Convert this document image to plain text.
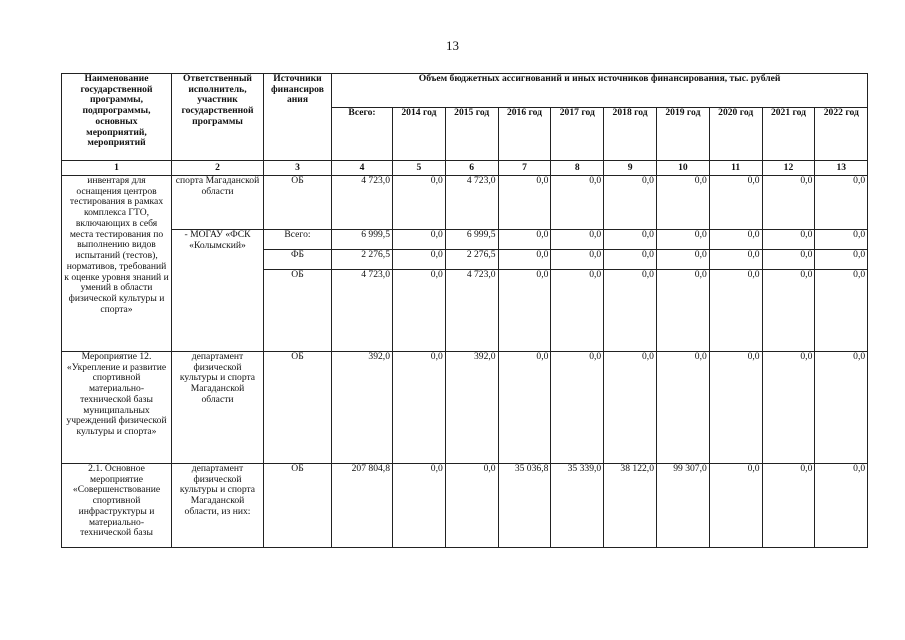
13
Наименование государственной программы, подпрограммы, основных мероприятий, мероприятий	Ответственный исполнитель, участник государственной программы	Источники финансиров ания	Объем бюджетных ассигнований и иных источников финансирования, тыс. рублей									
			Всего:	2014 год	2015 год	2016 год	2017 год	2018 год	2019 год	2020 год	2021 год	2022 год
1	2	3	4	5	6	7	8	9	10	11	12	13
инвентаря для оснащения центров тестирования в рамках комплекса ГТО, включающих в себя места тестирования по выполнению видов испытаний (тестов), нормативов, требований к оценке уровня знаний и умений в области физической культуры и спорта»	спорта Магаданской области	ОБ	4 723,0	0,0	4 723,0	0,0	0,0	0,0	0,0	0,0	0,0	0,0
	- МОГАУ «ФСК «Колымский»	Всего:	6 999,5	0,0	6 999,5	0,0	0,0	0,0	0,0	0,0	0,0	0,0
		ФБ	2 276,5	0,0	2 276,5	0,0	0,0	0,0	0,0	0,0	0,0	0,0
		ОБ	4 723,0	0,0	4 723,0	0,0	0,0	0,0	0,0	0,0	0,0	0,0
Мероприятие 12. «Укрепление и развитие спортивной материально-технической базы муниципальных учреждений физической культуры и спорта»	департамент физической культуры и спорта Магаданской области	ОБ	392,0	0,0	392,0	0,0	0,0	0,0	0,0	0,0	0,0	0,0
2.1. Основное мероприятие «Совершенствование спортивной инфраструктуры и материально-технической базы	департамент физической культуры и спорта Магаданской области, из них:	ОБ	207 804,8	0,0	0,0	35 036,8	35 339,0	38 122,0	99 307,0	0,0	0,0	0,0
